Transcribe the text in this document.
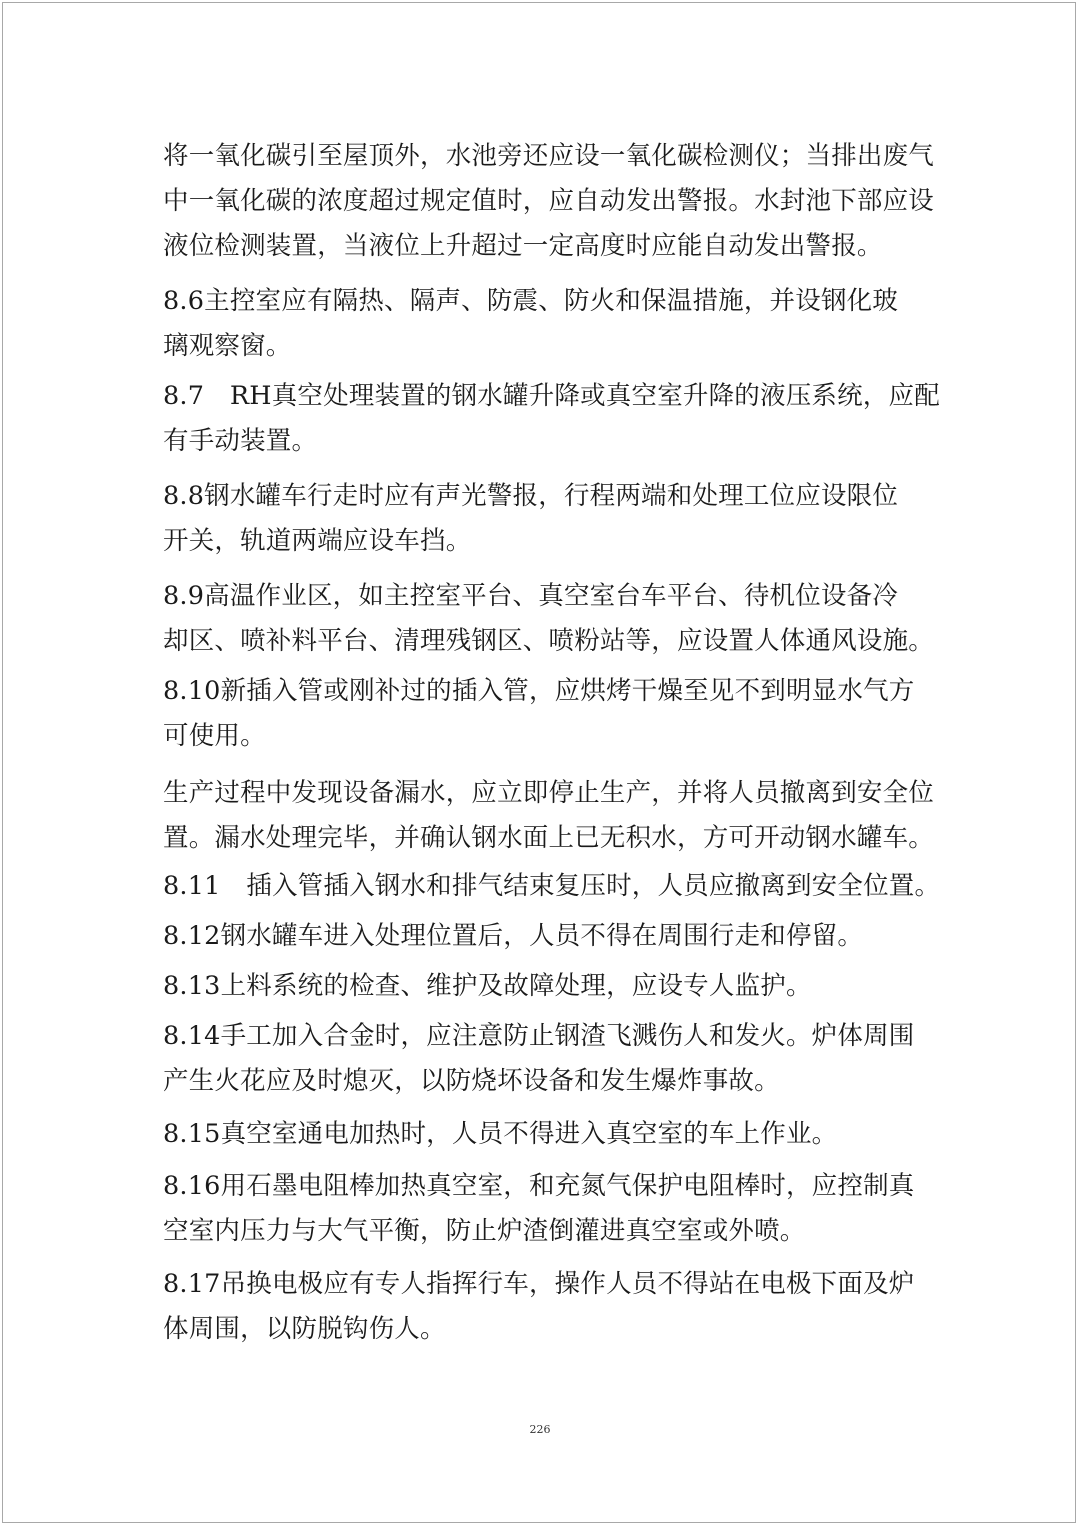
将一氧化碳引至屋顶外，水池旁还应设一氧化碳检测仪；当排出废气
中一氧化碳的浓度超过规定值时，应自动发出警报。水封池下部应设
液位检测装置，当液位上升超过一定高度时应能自动发出警报。
8.6主控室应有隔热、隔声、防震、防火和保温措施，并设钢化玻
璃观察窗。
8.7　RH真空处理装置的钢水罐升降或真空室升降的液压系统，应配
有手动装置。
8.8钢水罐车行走时应有声光警报，行程两端和处理工位应设限位
开关，轨道两端应设车挡。
8.9高温作业区，如主控室平台、真空室台车平台、待机位设备冷
却区、喷补料平台、清理残钢区、喷粉站等，应设置人体通风设施。
8.10新插入管或刚补过的插入管，应烘烤干燥至见不到明显水气方
可使用。
生产过程中发现设备漏水，应立即停止生产，并将人员撤离到安全位
置。漏水处理完毕，并确认钢水面上已无积水，方可开动钢水罐车。
8.11　插入管插入钢水和排气结束复压时，人员应撤离到安全位置。
8.12钢水罐车进入处理位置后，人员不得在周围行走和停留。
8.13上料系统的检查、维护及故障处理，应设专人监护。
8.14手工加入合金时，应注意防止钢渣飞溅伤人和发火。炉体周围
产生火花应及时熄灭，以防烧坏设备和发生爆炸事故。
8.15真空室通电加热时，人员不得进入真空室的车上作业。
8.16用石墨电阻棒加热真空室，和充氮气保护电阻棒时，应控制真
空室内压力与大气平衡，防止炉渣倒灌进真空室或外喷。
8.17吊换电极应有专人指挥行车，操作人员不得站在电极下面及炉
体周围，以防脱钩伤人。
226
